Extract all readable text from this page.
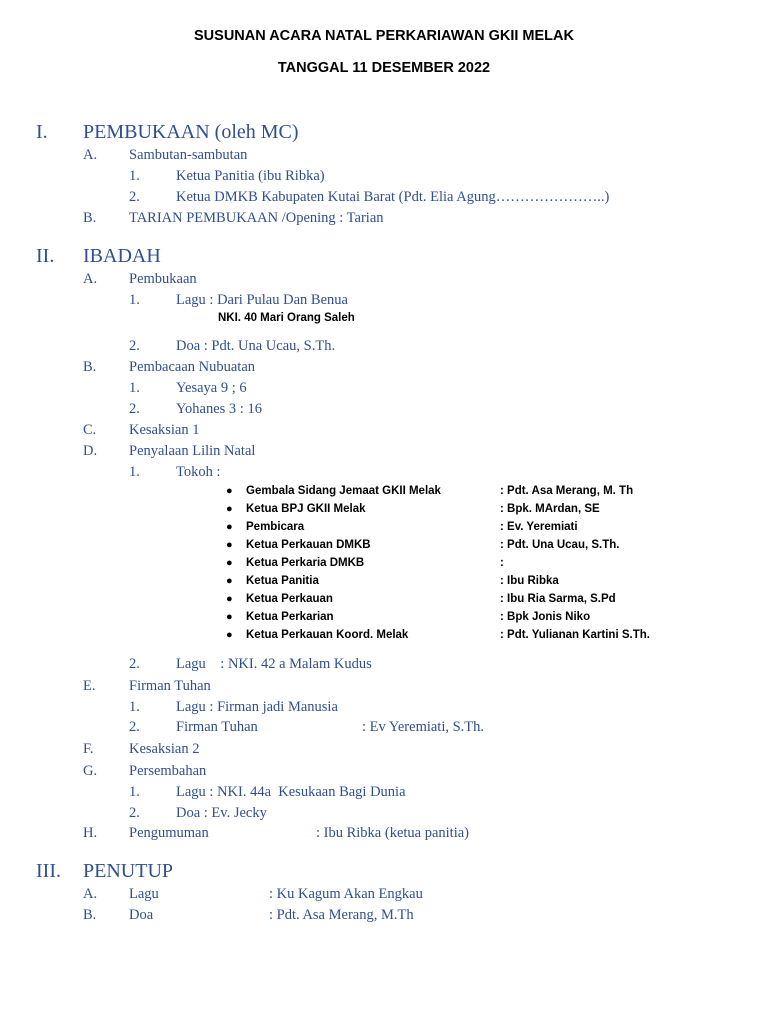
SUSUNAN ACARA NATAL PERKARIAWAN GKII MELAK
TANGGAL 11 DESEMBER 2022
I. PEMBUKAAN (oleh MC)
A. Sambutan-sambutan
1. Ketua Panitia (ibu Ribka)
2. Ketua DMKB Kabupaten Kutai Barat (Pdt. Elia Agung…………………..)
B. TARIAN PEMBUKAAN /Opening : Tarian
II. IBADAH
A. Pembukaan
1. Lagu : Dari Pulau Dan Benua
NKI. 40 Mari Orang Saleh
2. Doa : Pdt. Una Ucau, S.Th.
B. Pembacaan Nubuatan
1. Yesaya 9 ; 6
2. Yohanes 3 : 16
C. Kesaksian 1
D. Penyalaan Lilin Natal
1. Tokoh :
● Gembala Sidang Jemaat GKII Melak	: Pdt. Asa Merang, M. Th
● Ketua BPJ GKII Melak	: Bpk. MArdan, SE
● Pembicara	: Ev. Yeremiati
● Ketua Perkauan DMKB	: Pdt. Una Ucau, S.Th.
● Ketua Perkaria DMKB	:
● Ketua Panitia	: Ibu Ribka
● Ketua Perkauan	: Ibu Ria Sarma, S.Pd
● Ketua Perkarian	: Bpk Jonis Niko
● Ketua Perkauan Koord. Melak	: Pdt. Yulianan Kartini S.Th.
2. Lagu    : NKI. 42 a Malam Kudus
E. Firman Tuhan
1. Lagu : Firman jadi Manusia
2. Firman Tuhan	: Ev Yeremiati, S.Th.
F. Kesaksian 2
G. Persembahan
1. Lagu : NKI. 44a  Kesukaan Bagi Dunia
2. Doa : Ev. Jecky
H. Pengumuman	: Ibu Ribka (ketua panitia)
III. PENUTUP
A. Lagu	: Ku Kagum Akan Engkau
B. Doa	: Pdt. Asa Merang, M.Th
